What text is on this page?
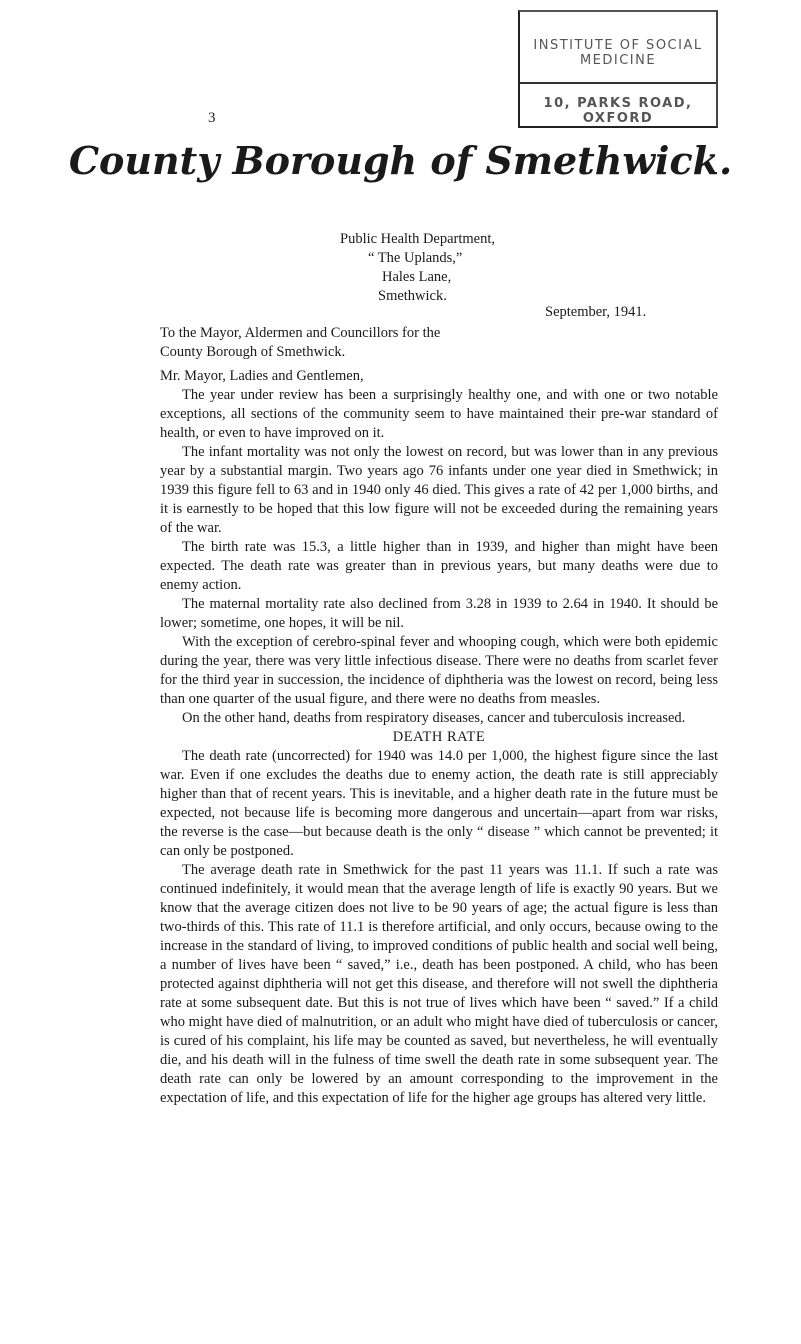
3
INSTITUTE OF SOCIAL
MEDICINE
10, PARKS ROAD,
OXFORD
County Borough of Smethwick.
Public Health Department,
“ The Uplands,”
Hales Lane,
Smethwick.
September, 1941.

To the Mayor, Aldermen and Councillors for the

County Borough of Smethwick.

Mr. Mayor, Ladies and Gentlemen,

The year under review has been a surprisingly healthy one, and with one or two notable exceptions, all sections of the community seem to have maintained their pre-war standard of health, or even to have improved on it.

The infant mortality was not only the lowest on record, but was lower than in any previous year by a substantial margin. Two years ago 76 infants under one year died in Smethwick; in 1939 this figure fell to 63 and in 1940 only 46 died. This gives a rate of 42 per 1,000 births, and it is earnestly to be hoped that this low figure will not be exceeded during the remaining years of the war.

The birth rate was 15.3, a little higher than in 1939, and higher than might have been expected. The death rate was greater than in previous years, but many deaths were due to enemy action.

The maternal mortality rate also declined from 3.28 in 1939 to 2.64 in 1940. It should be lower; sometime, one hopes, it will be nil.

With the exception of cerebro-spinal fever and whooping cough, which were both epidemic during the year, there was very little infectious disease. There were no deaths from scarlet fever for the third year in succession, the incidence of diphtheria was the lowest on record, being less than one quarter of the usual figure, and there were no deaths from measles.

On the other hand, deaths from respiratory diseases, cancer and tuberculosis increased.

DEATH RATE

The death rate (uncorrected) for 1940 was 14.0 per 1,000, the highest figure since the last war. Even if one excludes the deaths due to enemy action, the death rate is still appreciably higher than that of recent years. This is inevitable, and a higher death rate in the future must be expected, not because life is becoming more dangerous and uncertain—apart from war risks, the reverse is the case—but because death is the only “ disease ” which cannot be prevented; it can only be postponed.

The average death rate in Smethwick for the past 11 years was 11.1. If such a rate was continued indefinitely, it would mean that the average length of life is exactly 90 years. But we know that the average citizen does not live to be 90 years of age; the actual figure is less than two-thirds of this. This rate of 11.1 is therefore artificial, and only occurs, because owing to the increase in the standard of living, to improved conditions of public health and social well being, a number of lives have been “ saved,” i.e., death has been postponed. A child, who has been protected against diphtheria will not get this disease, and therefore will not swell the diphtheria rate at some subsequent date. But this is not true of lives which have been “ saved.” If a child who might have died of malnutrition, or an adult who might have died of tuberculosis or cancer, is cured of his complaint, his life may be counted as saved, but nevertheless, he will eventually die, and his death will in the fulness of time swell the death rate in some subsequent year. The death rate can only be lowered by an amount corresponding to the improvement in the expectation of life, and this expectation of life for the higher age groups has altered very little.
